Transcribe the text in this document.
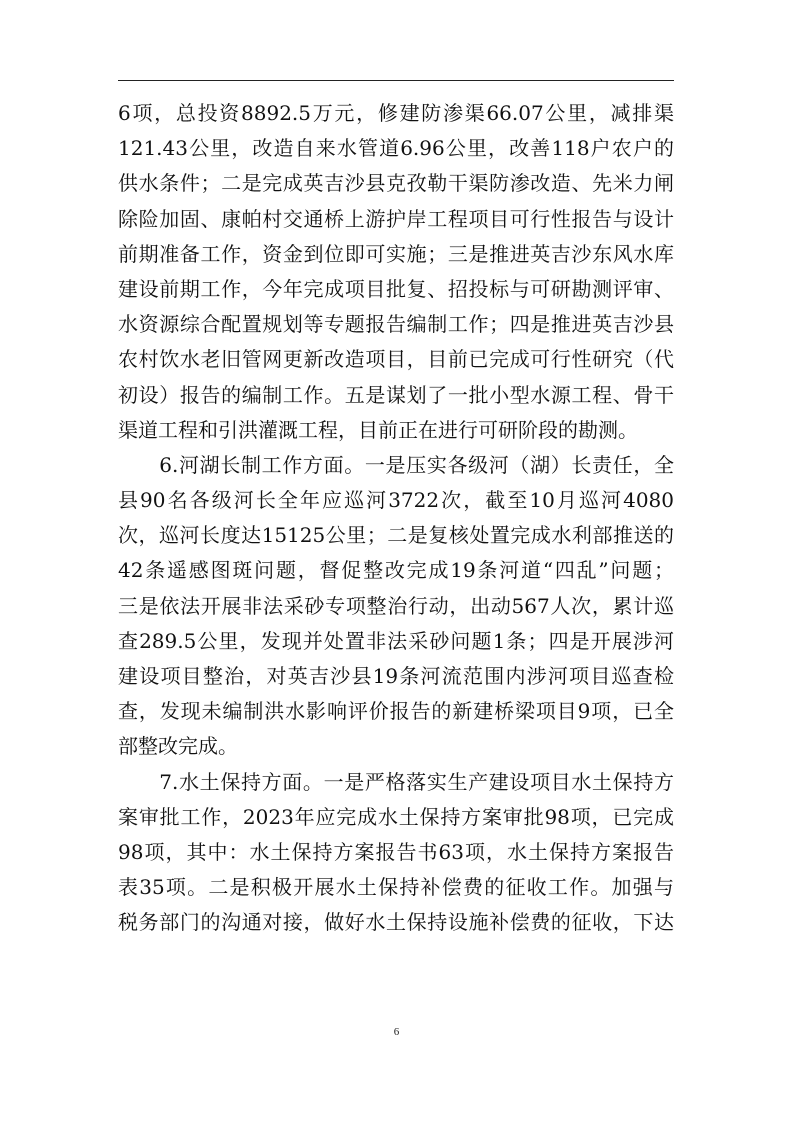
6项，总投资8892.5万元，修建防渗渠66.07公里，减排渠
121.43公里，改造自来水管道6.96公里，改善118户农户的
供水条件；二是完成英吉沙县克孜勒干渠防渗改造、先米力闸
除险加固、康帕村交通桥上游护岸工程项目可行性报告与设计
前期准备工作，资金到位即可实施；三是推进英吉沙东风水库
建设前期工作，今年完成项目批复、招投标与可研勘测评审、
水资源综合配置规划等专题报告编制工作；四是推进英吉沙县
农村饮水老旧管网更新改造项目，目前已完成可行性研究（代
初设）报告的编制工作。五是谋划了一批小型水源工程、骨干
渠道工程和引洪灌溉工程，目前正在进行可研阶段的勘测。
　　6.河湖长制工作方面。一是压实各级河（湖）长责任，全
县90名各级河长全年应巡河3722次，截至10月巡河4080
次，巡河长度达15125公里；二是复核处置完成水利部推送的
42条遥感图斑问题，督促整改完成19条河道“四乱”问题；
三是依法开展非法采砂专项整治行动，出动567人次，累计巡
查289.5公里，发现并处置非法采砂问题1条；四是开展涉河
建设项目整治，对英吉沙县19条河流范围内涉河项目巡查检
查，发现未编制洪水影响评价报告的新建桥梁项目9项，已全
部整改完成。
　　7.水土保持方面。一是严格落实生产建设项目水土保持方
案审批工作，2023年应完成水土保持方案审批98项，已完成
98项，其中：水土保持方案报告书63项，水土保持方案报告
表35项。二是积极开展水土保持补偿费的征收工作。加强与
税务部门的沟通对接，做好水土保持设施补偿费的征收，下达
6
